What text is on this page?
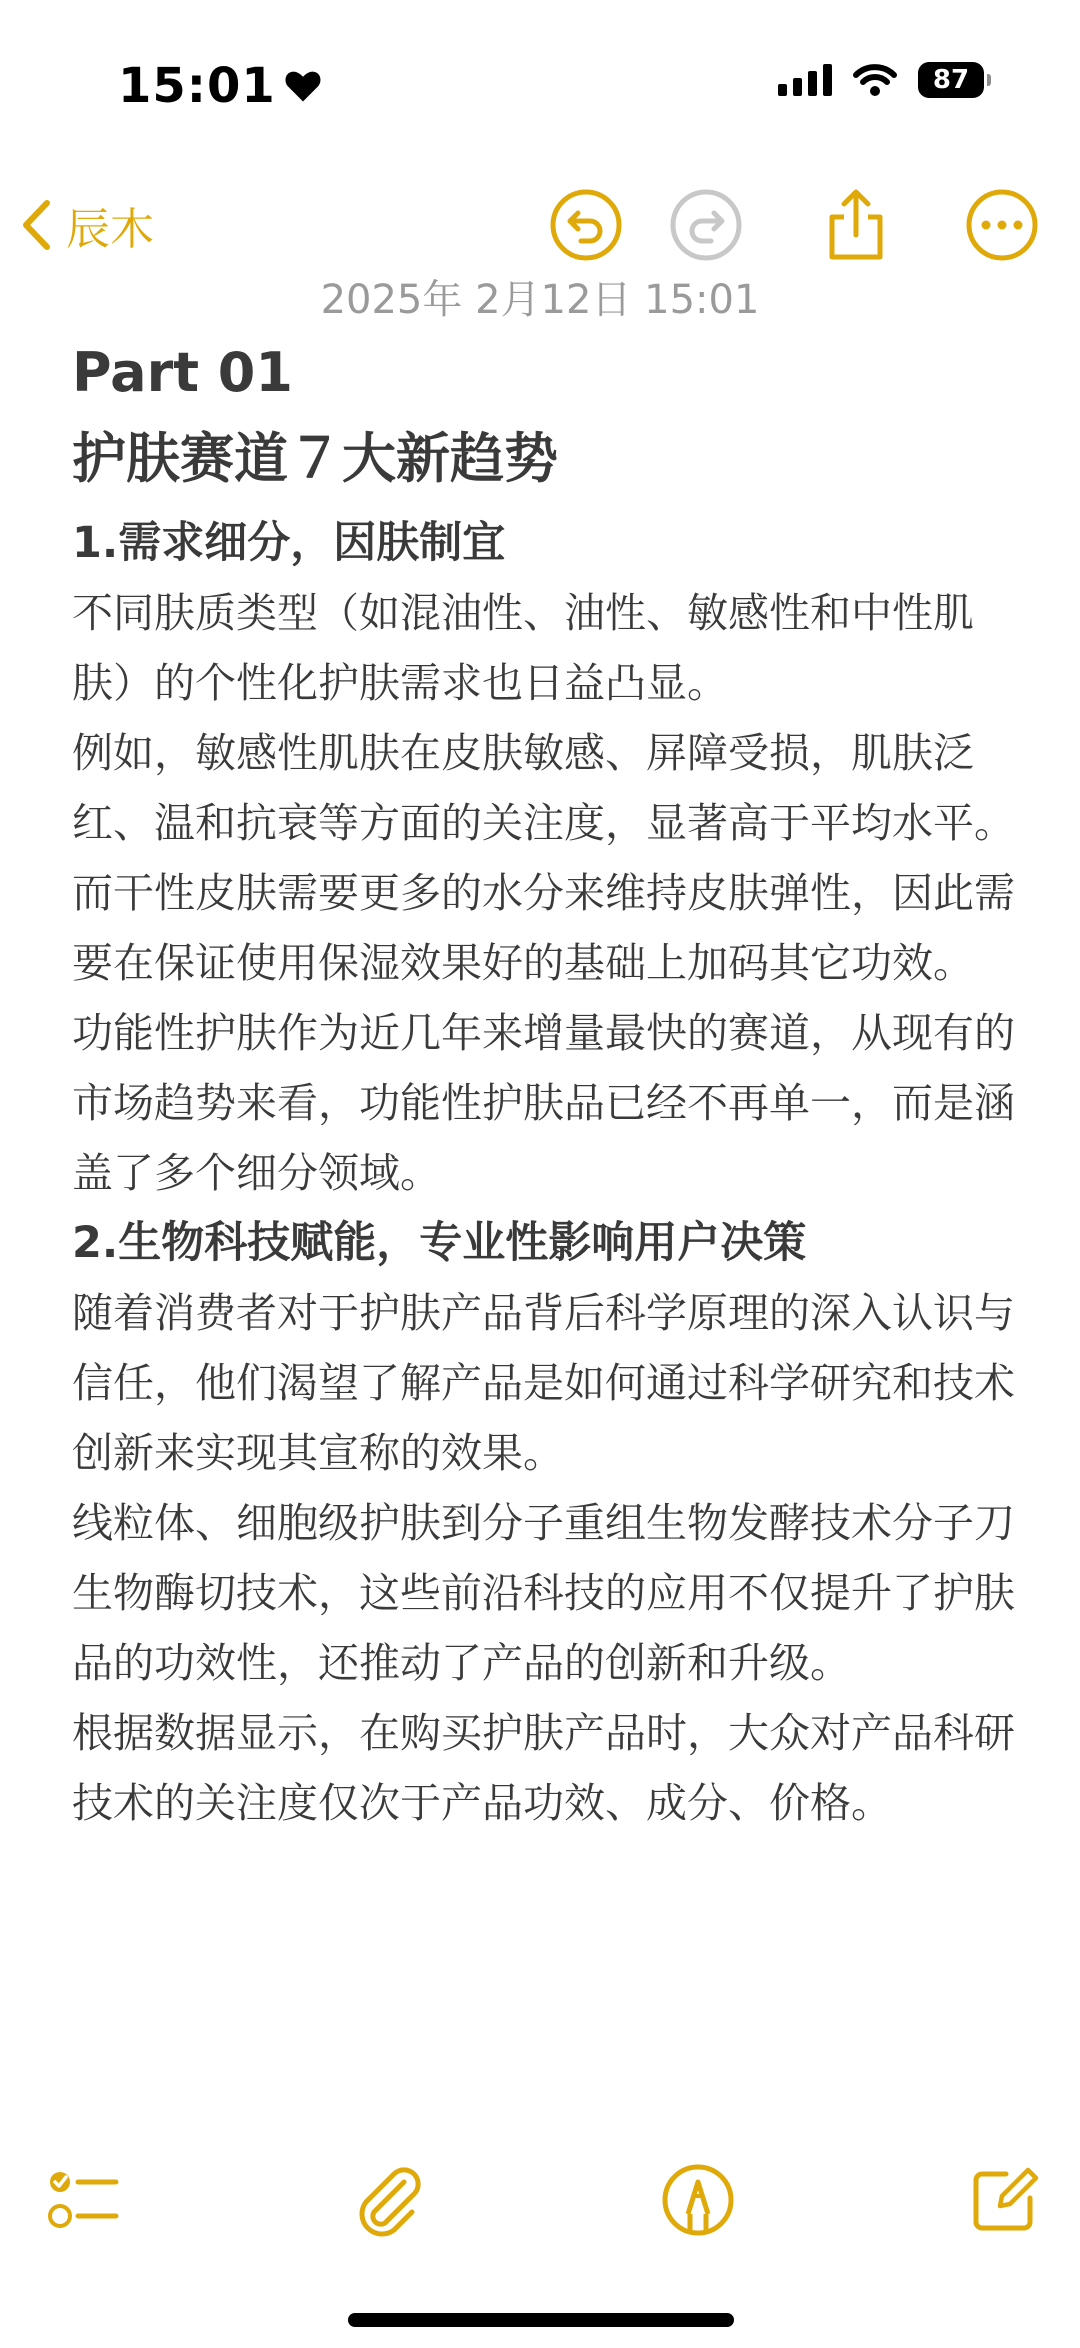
15:01	87
辰木
2025年 2月12日 15:01

Part 01

护肤赛道７大新趋势

1.需求细分，因肤制宜

不同肤质类型（如混油性、油性、敏感性和中性肌肤）的个性化护肤需求也日益凸显。

例如，敏感性肌肤在皮肤敏感、屏障受损，肌肤泛红、温和抗衰等方面的关注度，显著高于平均水平。

而干性皮肤需要更多的水分来维持皮肤弹性，因此需要在保证使用保湿效果好的基础上加码其它功效。

功能性护肤作为近几年来增量最快的赛道，从现有的市场趋势来看，功能性护肤品已经不再单一，而是涵盖了多个细分领域。

2.生物科技赋能，专业性影响用户决策

随着消费者对于护肤产品背后科学原理的深入认识与信任，他们渴望了解产品是如何通过科学研究和技术创新来实现其宣称的效果。

线粒体、细胞级护肤到分子重组生物发酵技术分子刀生物酶切技术，这些前沿科技的应用不仅提升了护肤品的功效性，还推动了产品的创新和升级。

根据数据显示，在购买护肤产品时，大众对产品科研技术的关注度仅次于产品功效、成分、价格。
